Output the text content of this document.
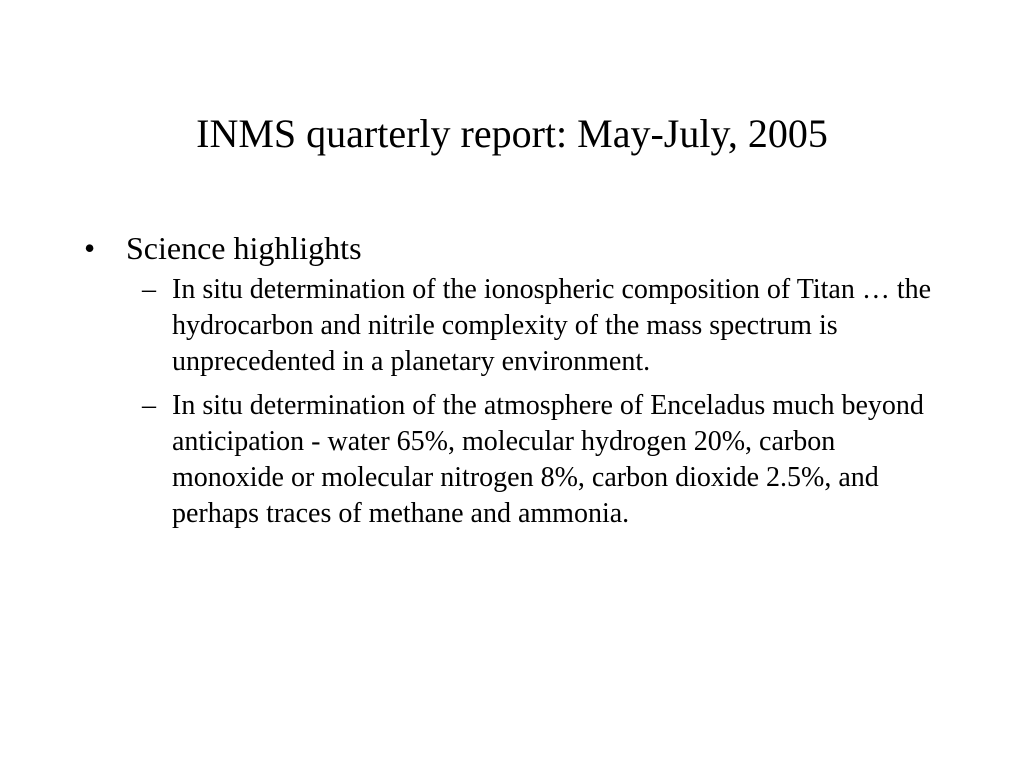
INMS quarterly report: May-July, 2005
• Science highlights
– In situ determination of the ionospheric composition of Titan … the hydrocarbon and nitrile complexity of the mass spectrum is unprecedented in a planetary environment.
– In situ determination of the atmosphere of Enceladus much beyond anticipation - water 65%, molecular hydrogen 20%, carbon monoxide or molecular nitrogen 8%, carbon dioxide 2.5%, and perhaps traces of methane and ammonia.
